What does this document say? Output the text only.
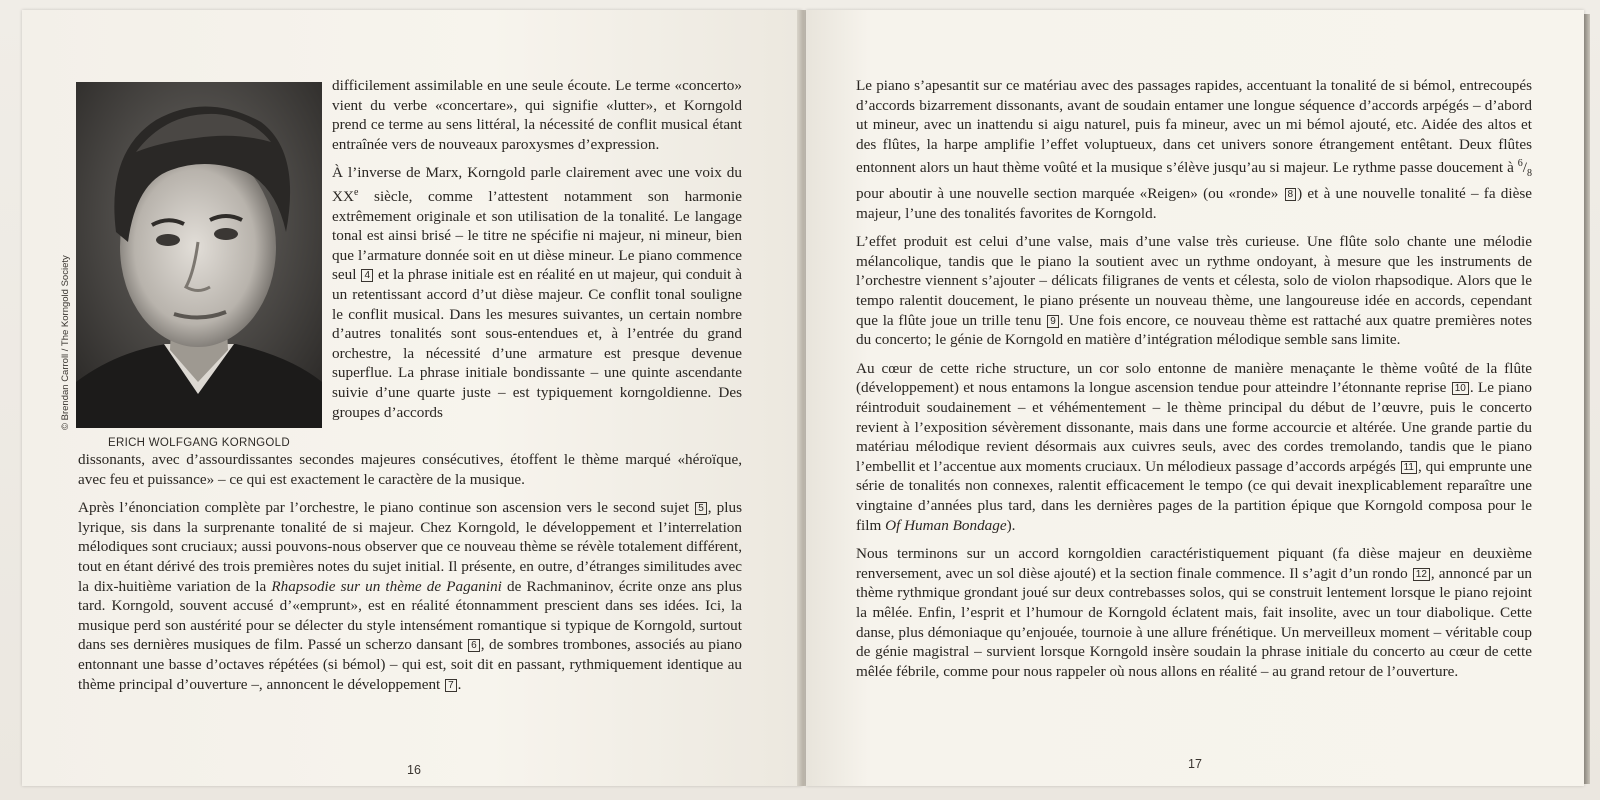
© Brendan Carroll / The Korngold Society
ERICH WOLFGANG KORNGOLD

difficilement assimilable en une seule écoute. Le terme «concerto» vient du verbe «concertare», qui signifie «lutter», et Korngold prend ce terme au sens littéral, la nécessité de conflit musical étant entraînée vers de nouveaux paroxysmes d’expression.

À l’inverse de Marx, Korngold parle clairement avec une voix du XXe siècle, comme l’attestent notamment son harmonie extrêmement originale et son utilisation de la tonalité. Le langage tonal est ainsi brisé – le titre ne spécifie ni majeur, ni mineur, bien que l’armature donnée soit en ut dièse mineur. Le piano commence seul 4 et la phrase initiale est en réalité en ut majeur, qui conduit à un retentissant accord d’ut dièse majeur. Ce conflit tonal souligne le conflit musical. Dans les mesures suivantes, un certain nombre d’autres tonalités sont sous-entendues et, à l’entrée du grand orchestre, la nécessité d’une armature est presque devenue superflue. La phrase initiale bondissante – une quinte ascendante suivie d’une quarte juste – est typiquement korngoldienne. Des groupes d’accords

dissonants, avec d’assourdissantes secondes majeures consécutives, étoffent le thème marqué «héroïque, avec feu et puissance» – ce qui est exactement le caractère de la musique.

Après l’énonciation complète par l’orchestre, le piano continue son ascension vers le second sujet 5 , plus lyrique, sis dans la surprenante tonalité de si majeur. Chez Korngold, le développement et l’interrelation mélodiques sont cruciaux; aussi pouvons-nous observer que ce nouveau thème se révèle totalement différent, tout en étant dérivé des trois premières notes du sujet initial. Il présente, en outre, d’étranges similitudes avec la dix-huitième variation de la Rhapsodie sur un thème de Paganini de Rachmaninov, écrite onze ans plus tard. Korngold, souvent accusé d’«emprunt», est en réalité étonnamment prescient dans ses idées. Ici, la musique perd son austérité pour se délecter du style intensément romantique si typique de Korngold, surtout dans ses dernières musiques de film. Passé un scherzo dansant 6 , de sombres trombones, associés au piano entonnant une basse d’octaves répétées (si bémol) – qui est, soit dit en passant, rythmiquement identique au thème principal d’ouverture –, annoncent le développement 7 .

16

Le piano s’apesantit sur ce matériau avec des passages rapides, accentuant la tonalité de si bémol, entrecoupés d’accords bizarrement dissonants, avant de soudain entamer une longue séquence d’accords arpégés – d’abord ut mineur, avec un inattendu si aigu naturel, puis fa mineur, avec un mi bémol ajouté, etc. Aidée des altos et des flûtes, la harpe amplifie l’effet voluptueux, dans cet univers sonore étrangement entêtant. Deux flûtes entonnent alors un haut thème voûté et la musique s’élève jusqu’au si majeur. Le rythme passe doucement à $^6/_8$ pour aboutir à une nouvelle section marquée «Reigen» (ou «ronde» 8 ) et à une nouvelle tonalité – fa dièse majeur, l’une des tonalités favorites de Korngold.

L’effet produit est celui d’une valse, mais d’une valse très curieuse. Une flûte solo chante une mélodie mélancolique, tandis que le piano la soutient avec un rythme ondoyant, à mesure que les instruments de l’orchestre viennent s’ajouter – délicats filigranes de vents et célesta, solo de violon rhapsodique. Alors que le tempo ralentit doucement, le piano présente un nouveau thème, une langoureuse idée en accords, cependant que la flûte joue un trille tenu 9 . Une fois encore, ce nouveau thème est rattaché aux quatre premières notes du concerto; le génie de Korngold en matière d’intégration mélodique semble sans limite.

Au cœur de cette riche structure, un cor solo entonne de manière menaçante le thème voûté de la flûte (développement) et nous entamons la longue ascension tendue pour atteindre l’étonnante reprise 10 . Le piano réintroduit soudainement – et véhémentement – le thème principal du début de l’œuvre, puis le concerto revient à l’exposition sévèrement dissonante, mais dans une forme accourcie et altérée. Une grande partie du matériau mélodique revient désormais aux cuivres seuls, avec des cordes tremolando, tandis que le piano l’embellit et l’accentue aux moments cruciaux. Un mélodieux passage d’accords arpégés 11 , qui emprunte une série de tonalités non connexes, ralentit efficacement le tempo (ce qui devait inexplicablement reparaître une vingtaine d’années plus tard, dans les dernières pages de la partition épique que Korngold composa pour le film Of Human Bondage).

Nous terminons sur un accord korngoldien caractéristiquement piquant (fa dièse majeur en deuxième renversement, avec un sol dièse ajouté) et la section finale commence. Il s’agit d’un rondo 12 , annoncé par un thème rythmique grondant joué sur deux contrebasses solos, qui se construit lentement lorsque le piano rejoint la mêlée. Enfin, l’esprit et l’humour de Korngold éclatent mais, fait insolite, avec un tour diabolique. Cette danse, plus démoniaque qu’enjouée, tournoie à une allure frénétique. Un merveilleux moment – véritable coup de génie magistral – survient lorsque Korngold insère soudain la phrase initiale du concerto au cœur de cette mêlée fébrile, comme pour nous rappeler où nous allons en réalité – au grand retour de l’ouverture.

17
